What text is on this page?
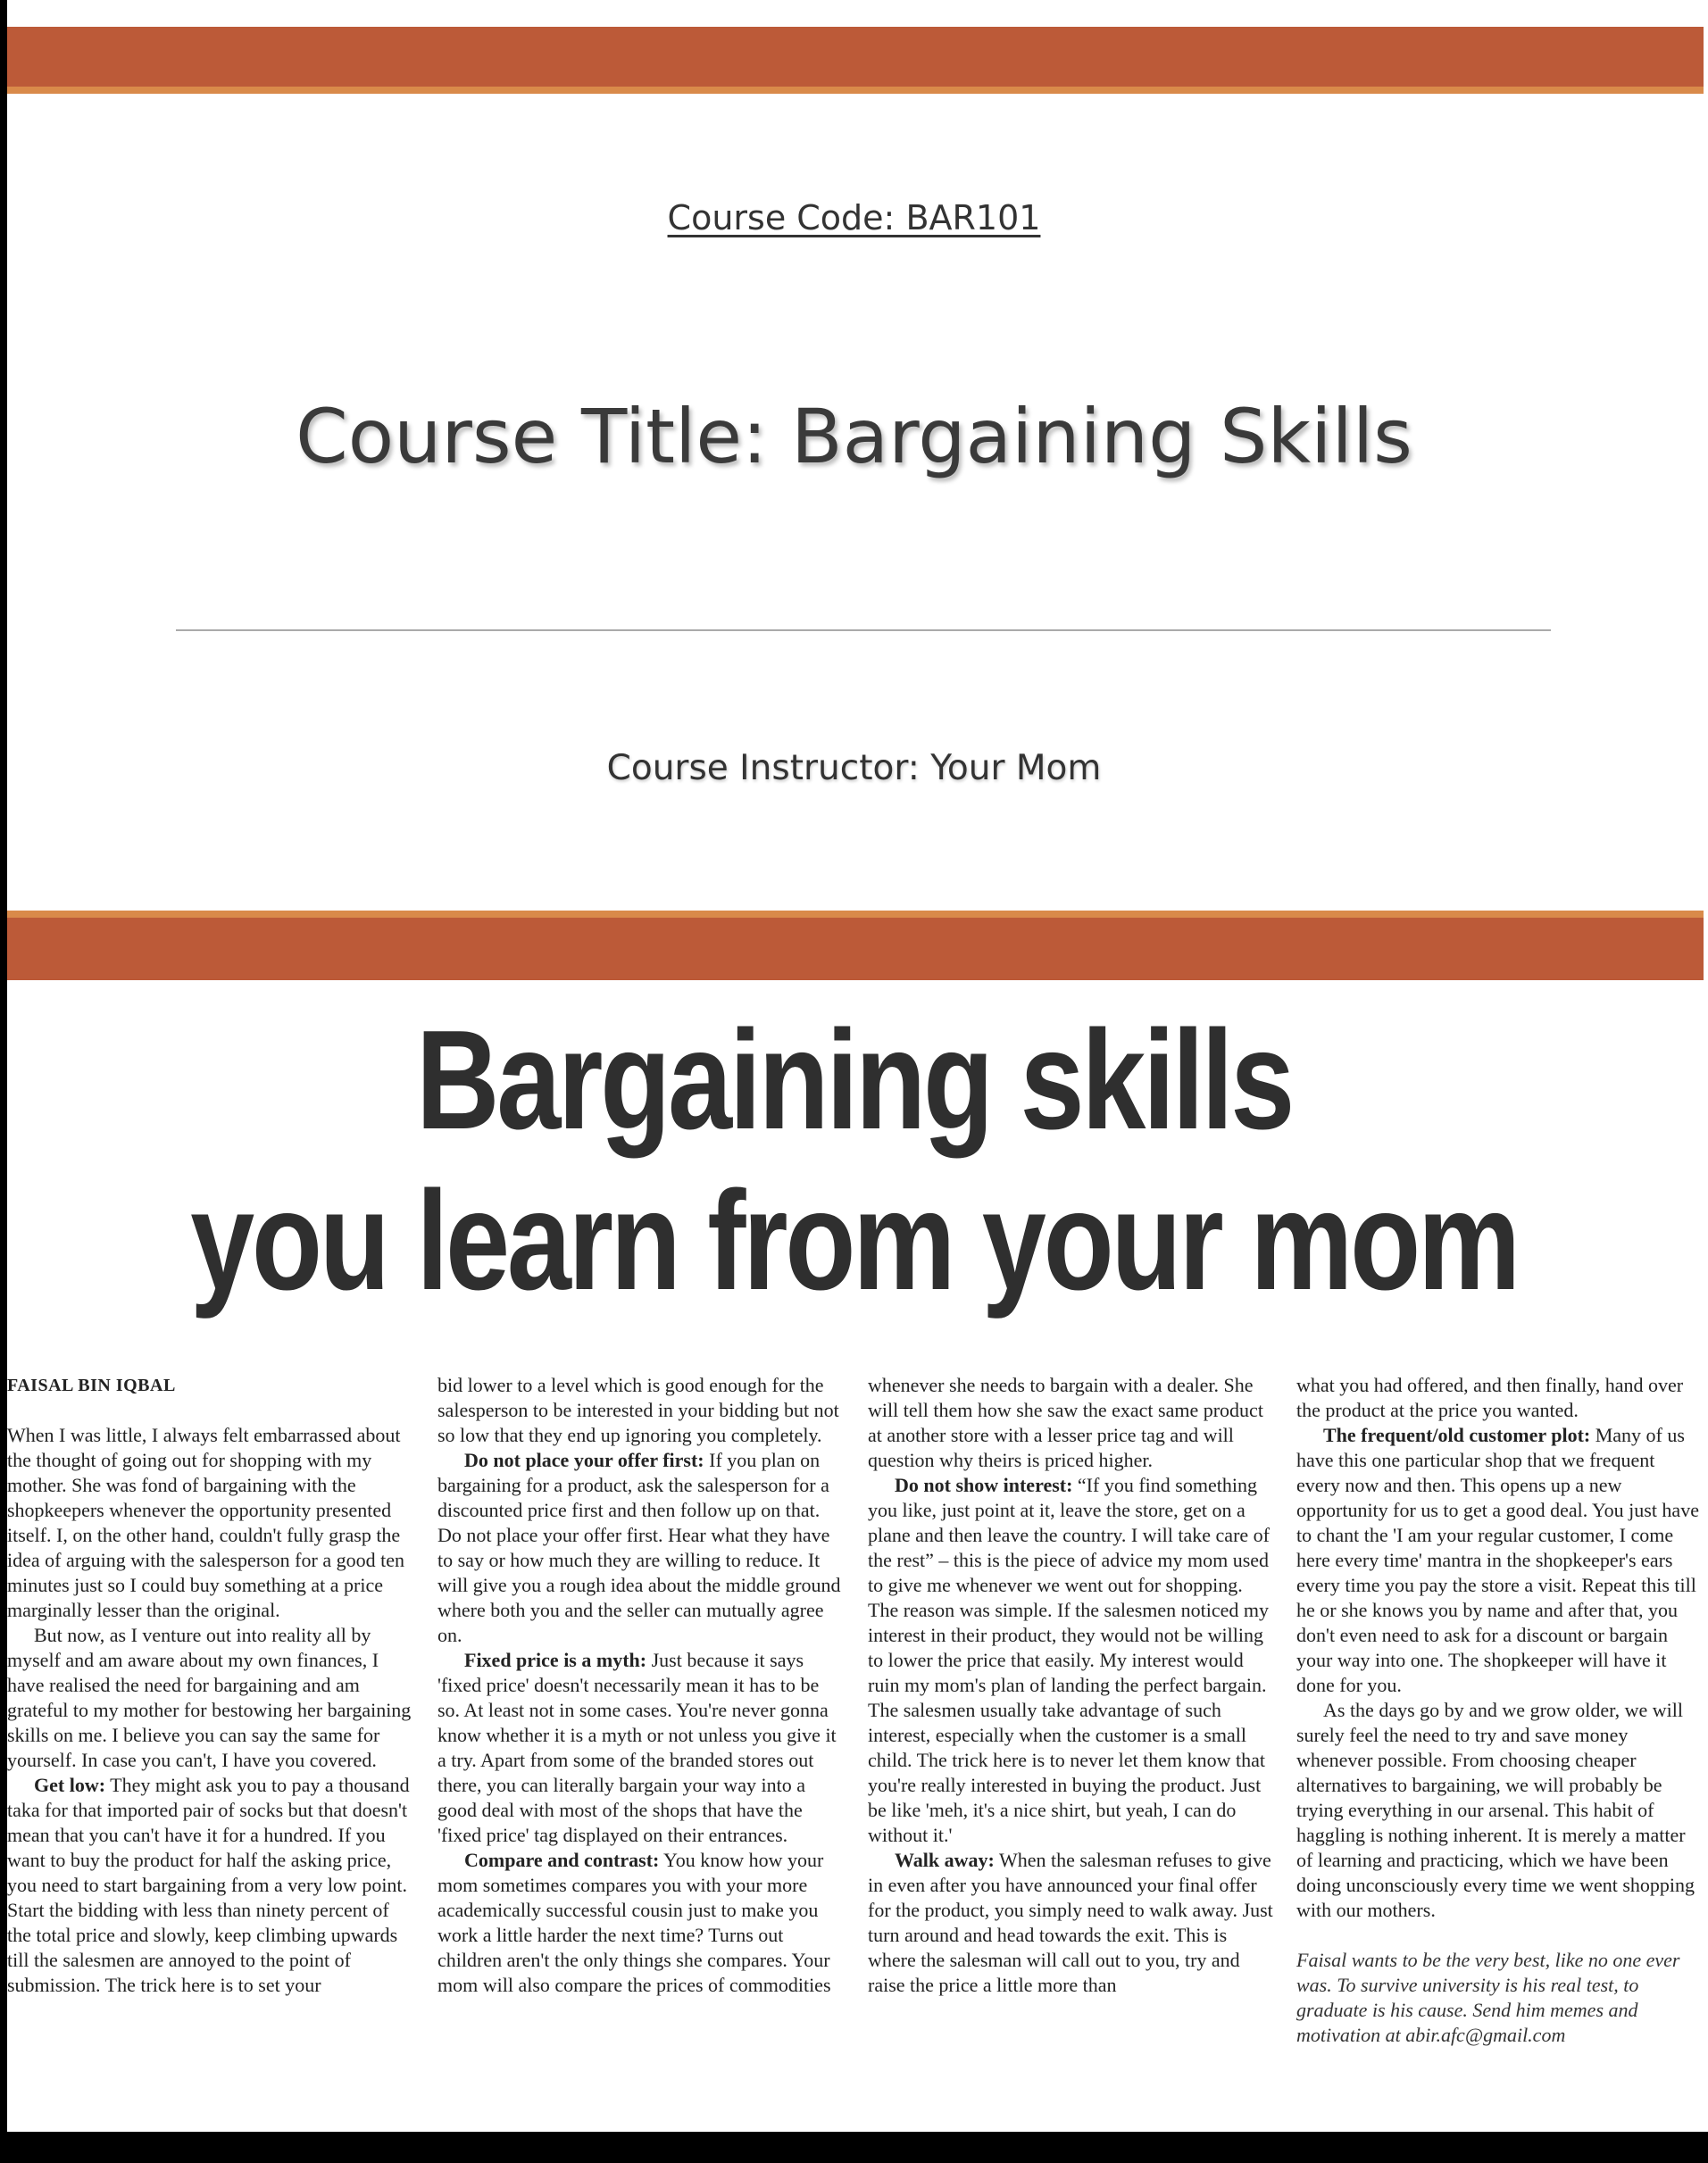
Course Code: BAR101
Course Title: Bargaining Skills
Course Instructor: Your Mom
Bargaining skills
you learn from your mom

FAISAL BIN IQBAL

When I was little, I always felt embarrassed about the thought of going out for shopping with my mother. She was fond of bargaining with the shopkeepers whenever the opportunity presented itself. I, on the other hand, couldn't fully grasp the idea of arguing with the salesperson for a good ten minutes just so I could buy something at a price marginally lesser than the original.

But now, as I venture out into reality all by myself and am aware about my own finances, I have realised the need for bargaining and am grateful to my mother for bestowing her bargaining skills on me. I believe you can say the same for yourself. In case you can't, I have you covered.

Get low: They might ask you to pay a thousand taka for that imported pair of socks but that doesn't mean that you can't have it for a hundred. If you want to buy the product for half the asking price, you need to start bargaining from a very low point. Start the bidding with less than ninety percent of the total price and slowly, keep climbing upwards till the salesmen are annoyed to the point of submission. The trick here is to set your

bid lower to a level which is good enough for the salesperson to be interested in your bidding but not so low that they end up ignoring you completely.

Do not place your offer first: If you plan on bargaining for a product, ask the salesperson for a discounted price first and then follow up on that. Do not place your offer first. Hear what they have to say or how much they are willing to reduce. It will give you a rough idea about the middle ground where both you and the seller can mutually agree on.

Fixed price is a myth: Just because it says 'fixed price' doesn't necessarily mean it has to be so. At least not in some cases. You're never gonna know whether it is a myth or not unless you give it a try. Apart from some of the branded stores out there, you can literally bargain your way into a good deal with most of the shops that have the 'fixed price' tag displayed on their entrances.

Compare and contrast: You know how your mom sometimes compares you with your more academically successful cousin just to make you work a little harder the next time? Turns out children aren't the only things she compares. Your mom will also compare the prices of commodities

whenever she needs to bargain with a dealer. She will tell them how she saw the exact same product at another store with a lesser price tag and will question why theirs is priced higher.

Do not show interest: “If you find something you like, just point at it, leave the store, get on a plane and then leave the country. I will take care of the rest” – this is the piece of advice my mom used to give me whenever we went out for shopping. The reason was simple. If the salesmen noticed my interest in their product, they would not be willing to lower the price that easily. My interest would ruin my mom's plan of landing the perfect bargain. The salesmen usually take advantage of such interest, especially when the customer is a small child. The trick here is to never let them know that you're really interested in buying the product. Just be like 'meh, it's a nice shirt, but yeah, I can do without it.'

Walk away: When the salesman refuses to give in even after you have announced your final offer for the product, you simply need to walk away. Just turn around and head towards the exit. This is where the salesman will call out to you, try and raise the price a little more than

what you had offered, and then finally, hand over the product at the price you wanted.

The frequent/old customer plot: Many of us have this one particular shop that we frequent every now and then. This opens up a new opportunity for us to get a good deal. You just have to chant the 'I am your regular customer, I come here every time' mantra in the shopkeeper's ears every time you pay the store a visit. Repeat this till he or she knows you by name and after that, you don't even need to ask for a discount or bargain your way into one. The shopkeeper will have it done for you.

As the days go by and we grow older, we will surely feel the need to try and save money whenever possible. From choosing cheaper alternatives to bargaining, we will probably be trying everything in our arsenal. This habit of haggling is nothing inherent. It is merely a matter of learning and practicing, which we have been doing unconsciously every time we went shopping with our mothers.

Faisal wants to be the very best, like no one ever was. To survive university is his real test, to graduate is his cause. Send him memes and motivation at abir.afc@gmail.com
